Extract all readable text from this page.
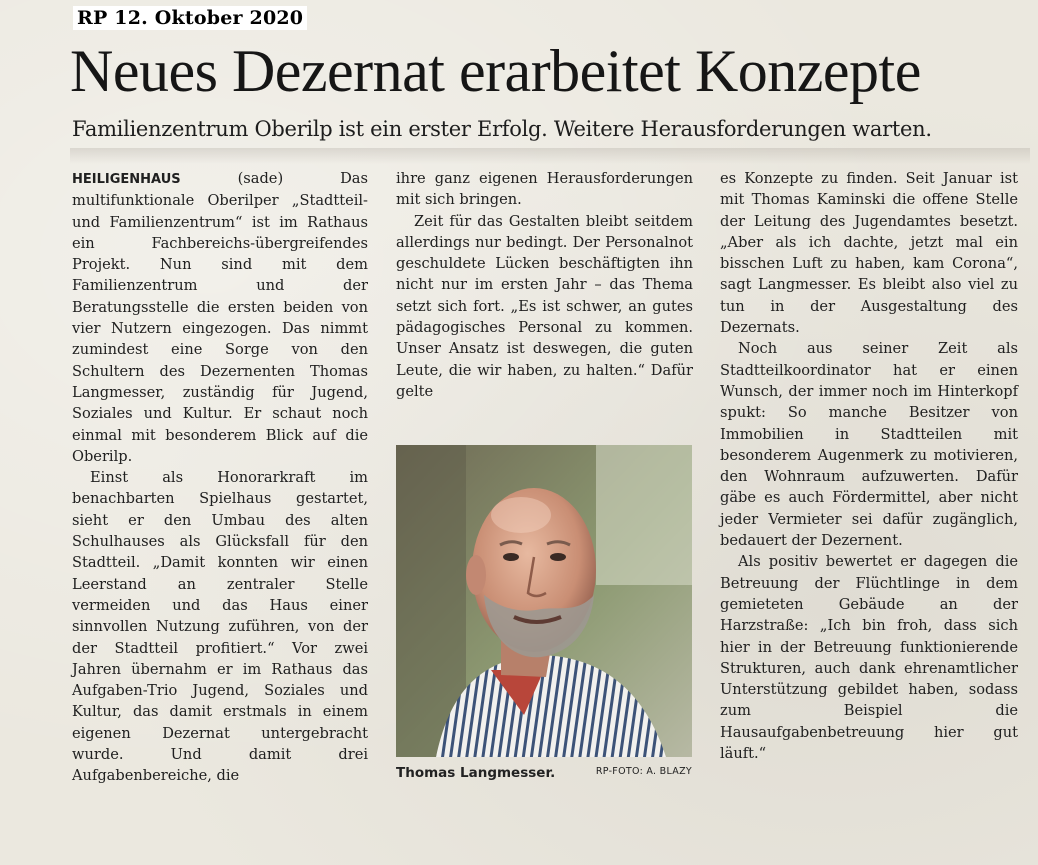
RP 12. Oktober 2020
Neues Dezernat erarbeitet Konzepte
Familienzentrum Oberilp ist ein erster Erfolg. Weitere Herausforderungen warten.

HEILIGENHAUS (sade) Das multifunktionale Oberilper „Stadtteil- und Familienzentrum“ ist im Rathaus ein Fachbereichs-übergreifendes Projekt. Nun sind mit dem Familienzentrum und der Beratungsstelle die ersten beiden von vier Nutzern eingezogen. Das nimmt zumindest eine Sorge von den Schultern des Dezernenten Thomas Langmesser, zuständig für Jugend, Soziales und Kultur. Er schaut noch einmal mit besonderem Blick auf die Oberilp.

Einst als Honorarkraft im benachbarten Spielhaus gestartet, sieht er den Umbau des alten Schulhauses als Glücksfall für den Stadtteil. „Damit konnten wir einen Leerstand an zentraler Stelle vermeiden und das Haus einer sinnvollen Nutzung zuführen, von der der Stadtteil profitiert.“ Vor zwei Jahren übernahm er im Rathaus das Aufgaben-Trio Jugend, Soziales und Kultur, das damit erstmals in einem eigenen Dezernat untergebracht wurde. Und damit drei Aufgabenbereiche, die

ihre ganz eigenen Herausforderungen mit sich bringen.

Zeit für das Gestalten bleibt seitdem allerdings nur bedingt. Der Personalnot geschuldete Lücken beschäftigten ihn nicht nur im ersten Jahr – das Thema setzt sich fort. „Es ist schwer, an gutes pädagogisches Personal zu kommen. Unser Ansatz ist deswegen, die guten Leute, die wir haben, zu halten.“ Dafür gelte

Thomas Langmesser.	RP-FOTO: A. BLAZY

es Konzepte zu finden. Seit Januar ist mit Thomas Kaminski die offene Stelle der Leitung des Jugendamtes besetzt. „Aber als ich dachte, jetzt mal ein bisschen Luft zu haben, kam Corona“, sagt Langmesser. Es bleibt also viel zu tun in der Ausgestaltung des Dezernats.

Noch aus seiner Zeit als Stadtteilkoordinator hat er einen Wunsch, der immer noch im Hinterkopf spukt: So manche Besitzer von Immobilien in Stadtteilen mit besonderem Augenmerk zu motivieren, den Wohnraum aufzuwerten. Dafür gäbe es auch Fördermittel, aber nicht jeder Vermieter sei dafür zugänglich, bedauert der Dezernent.

Als positiv bewertet er dagegen die Betreuung der Flüchtlinge in dem gemieteten Gebäude an der Harzstraße: „Ich bin froh, dass sich hier in der Betreuung funktionierende Strukturen, auch dank ehrenamtlicher Unterstützung gebildet haben, sodass zum Beispiel die Hausaufgabenbetreuung hier gut läuft.“
